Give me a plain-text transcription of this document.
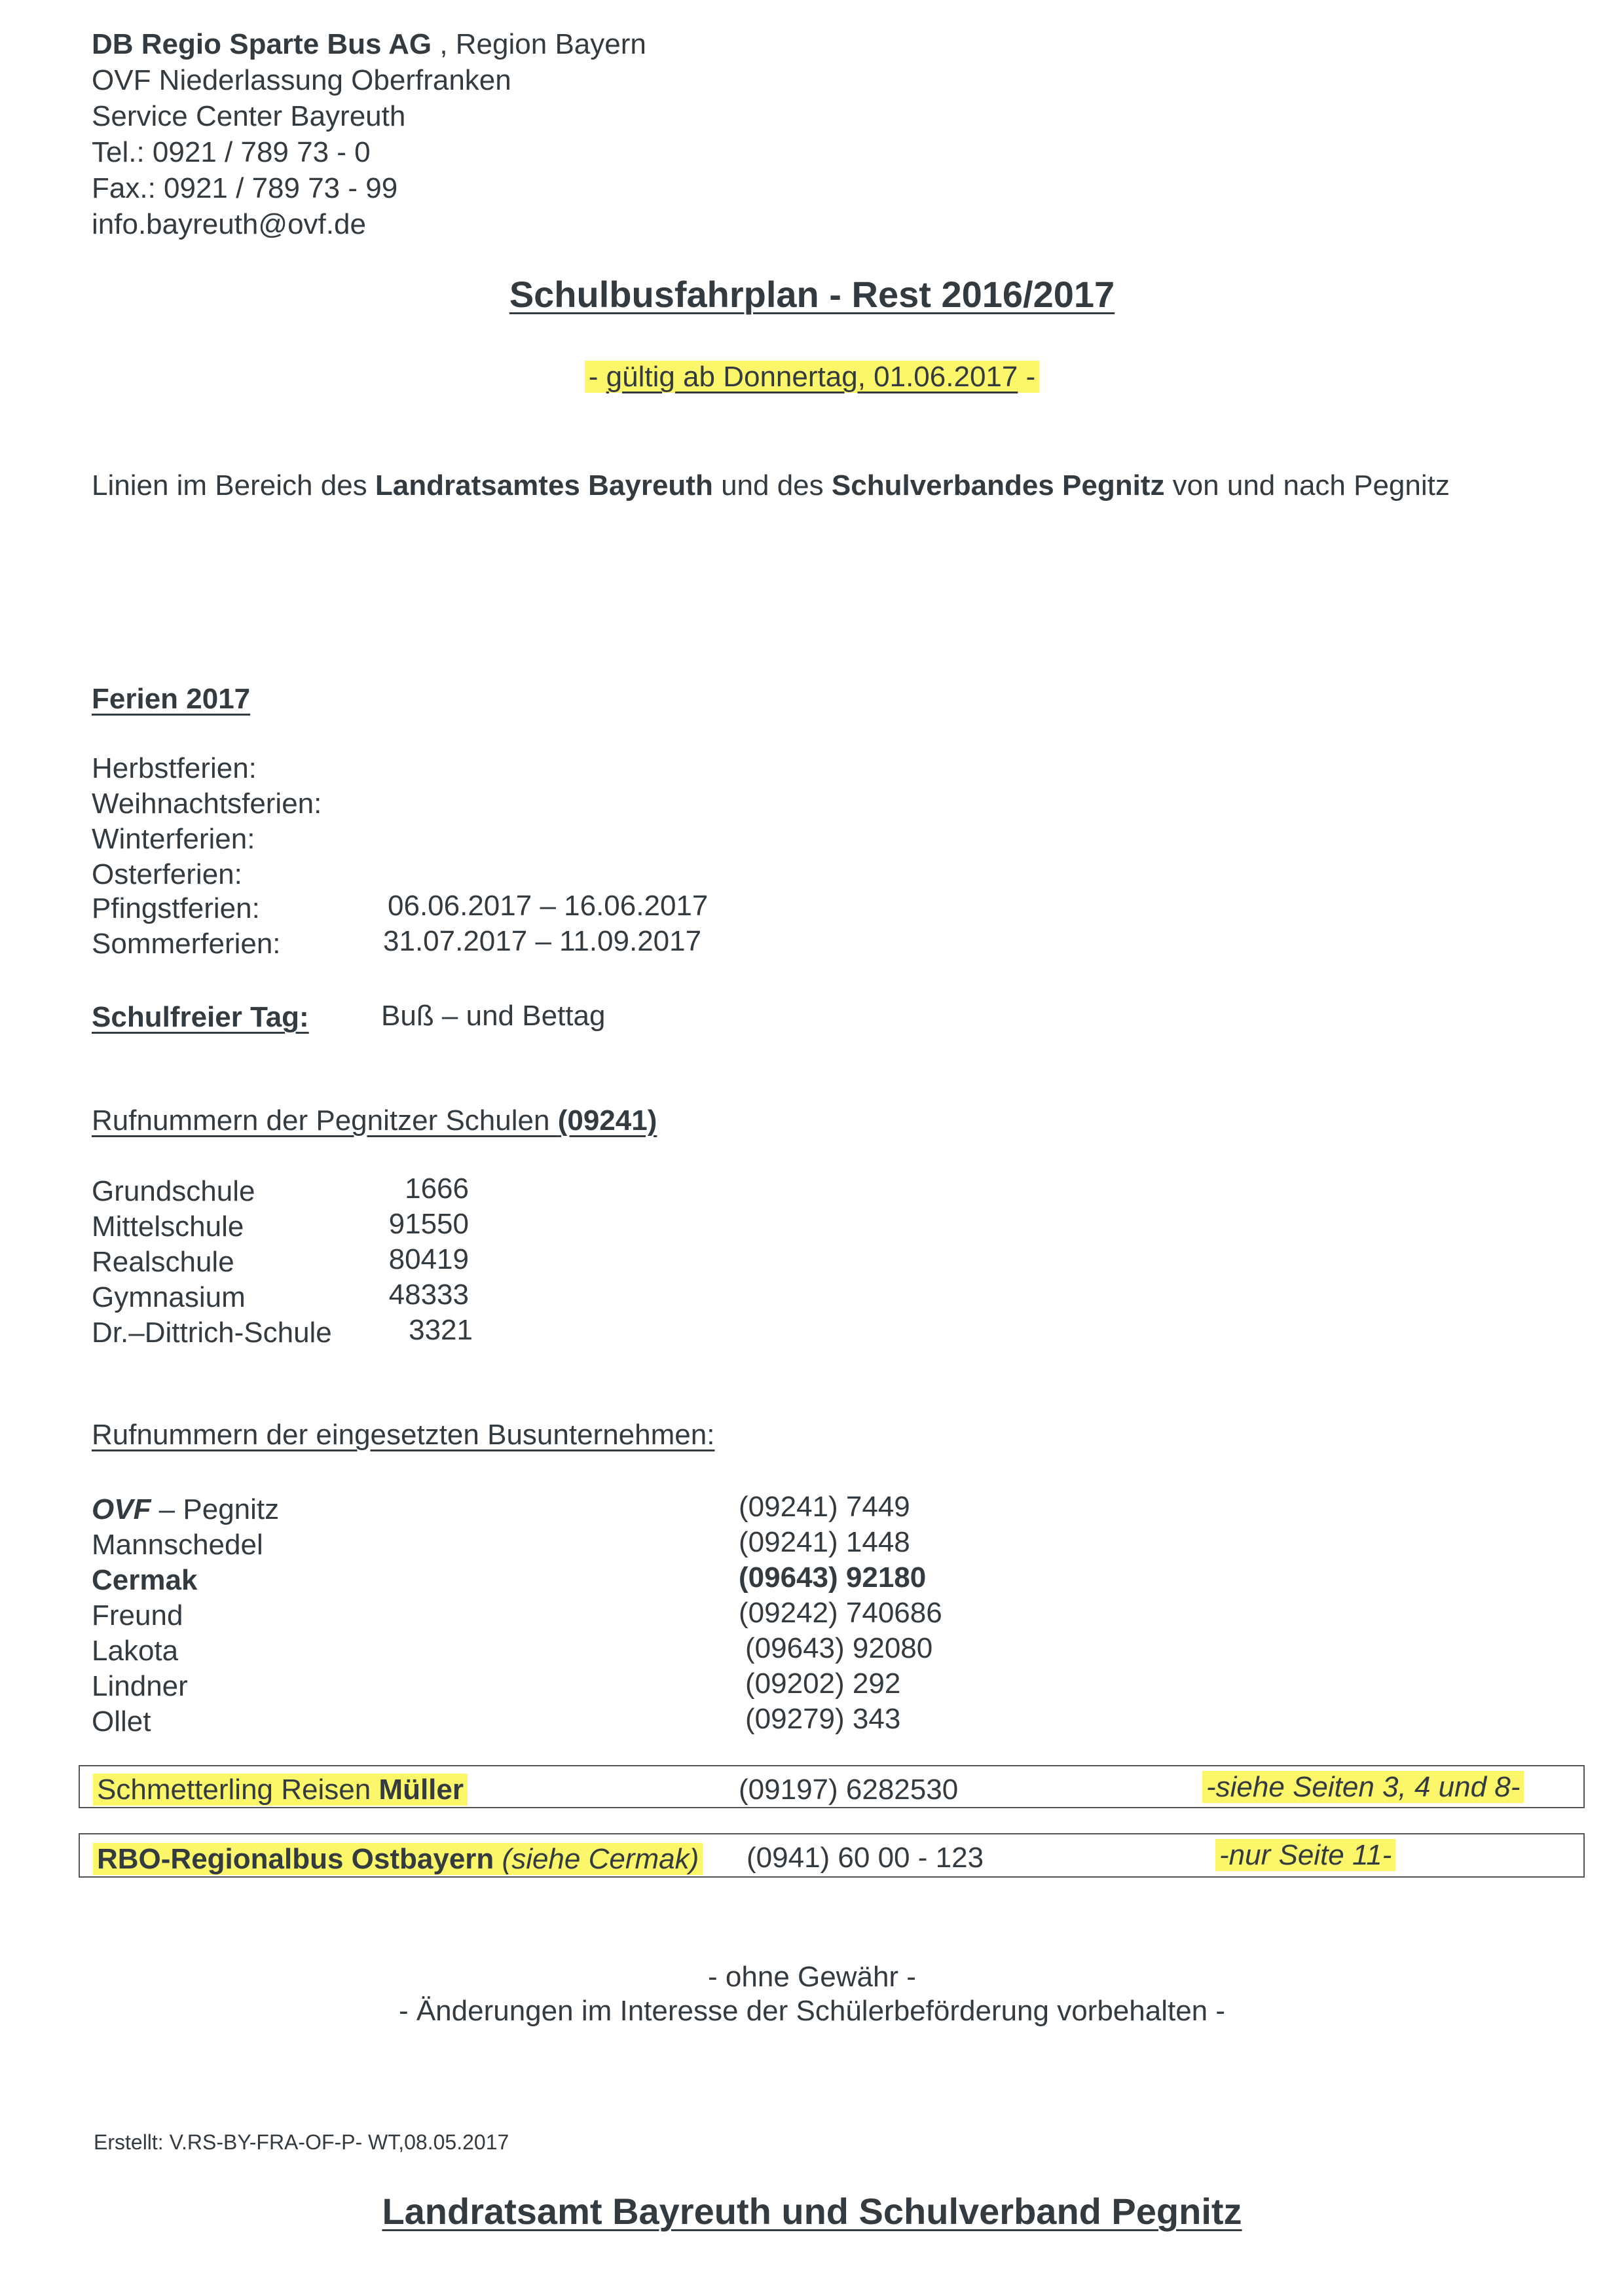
DB Regio Sparte Bus AG , Region Bayern
OVF Niederlassung Oberfranken
Service Center Bayreuth
Tel.: 0921 / 789 73 - 0
Fax.: 0921 / 789 73 - 99
info.bayreuth@ovf.de
Schulbusfahrplan - Rest 2016/2017
- gültig ab Donnertag, 01.06.2017 -
Linien im Bereich des Landratsamtes Bayreuth und des Schulverbandes Pegnitz von und nach Pegnitz
Ferien 2017
Herbstferien:
Weihnachtsferien:
Winterferien:
Osterferien:
Pfingstferien:	06.06.2017 – 16.06.2017
Sommerferien:	31.07.2017 – 11.09.2017
Schulfreier Tag:	Buß – und Bettag
Rufnummern der Pegnitzer Schulen (09241)
Grundschule	1666
Mittelschule	91550
Realschule	80419
Gymnasium	48333
Dr.–Dittrich-Schule	3321
Rufnummern der eingesetzten Busunternehmen:
OVF – Pegnitz	(09241) 7449
Mannschedel	(09241) 1448
Cermak	(09643) 92180
Freund	(09242) 740686
Lakota	(09643) 92080
Lindner	(09202) 292
Ollet	(09279) 343
Schmetterling Reisen Müller	(09197) 6282530	-siehe Seiten 3, 4 und 8-
RBO-Regionalbus Ostbayern (siehe Cermak) (0941) 60 00 - 123	-nur Seite 11-
- ohne Gewähr -
- Änderungen im Interesse der Schülerbeförderung vorbehalten -
Erstellt: V.RS-BY-FRA-OF-P- WT,08.05.2017
Landratsamt Bayreuth und Schulverband Pegnitz
